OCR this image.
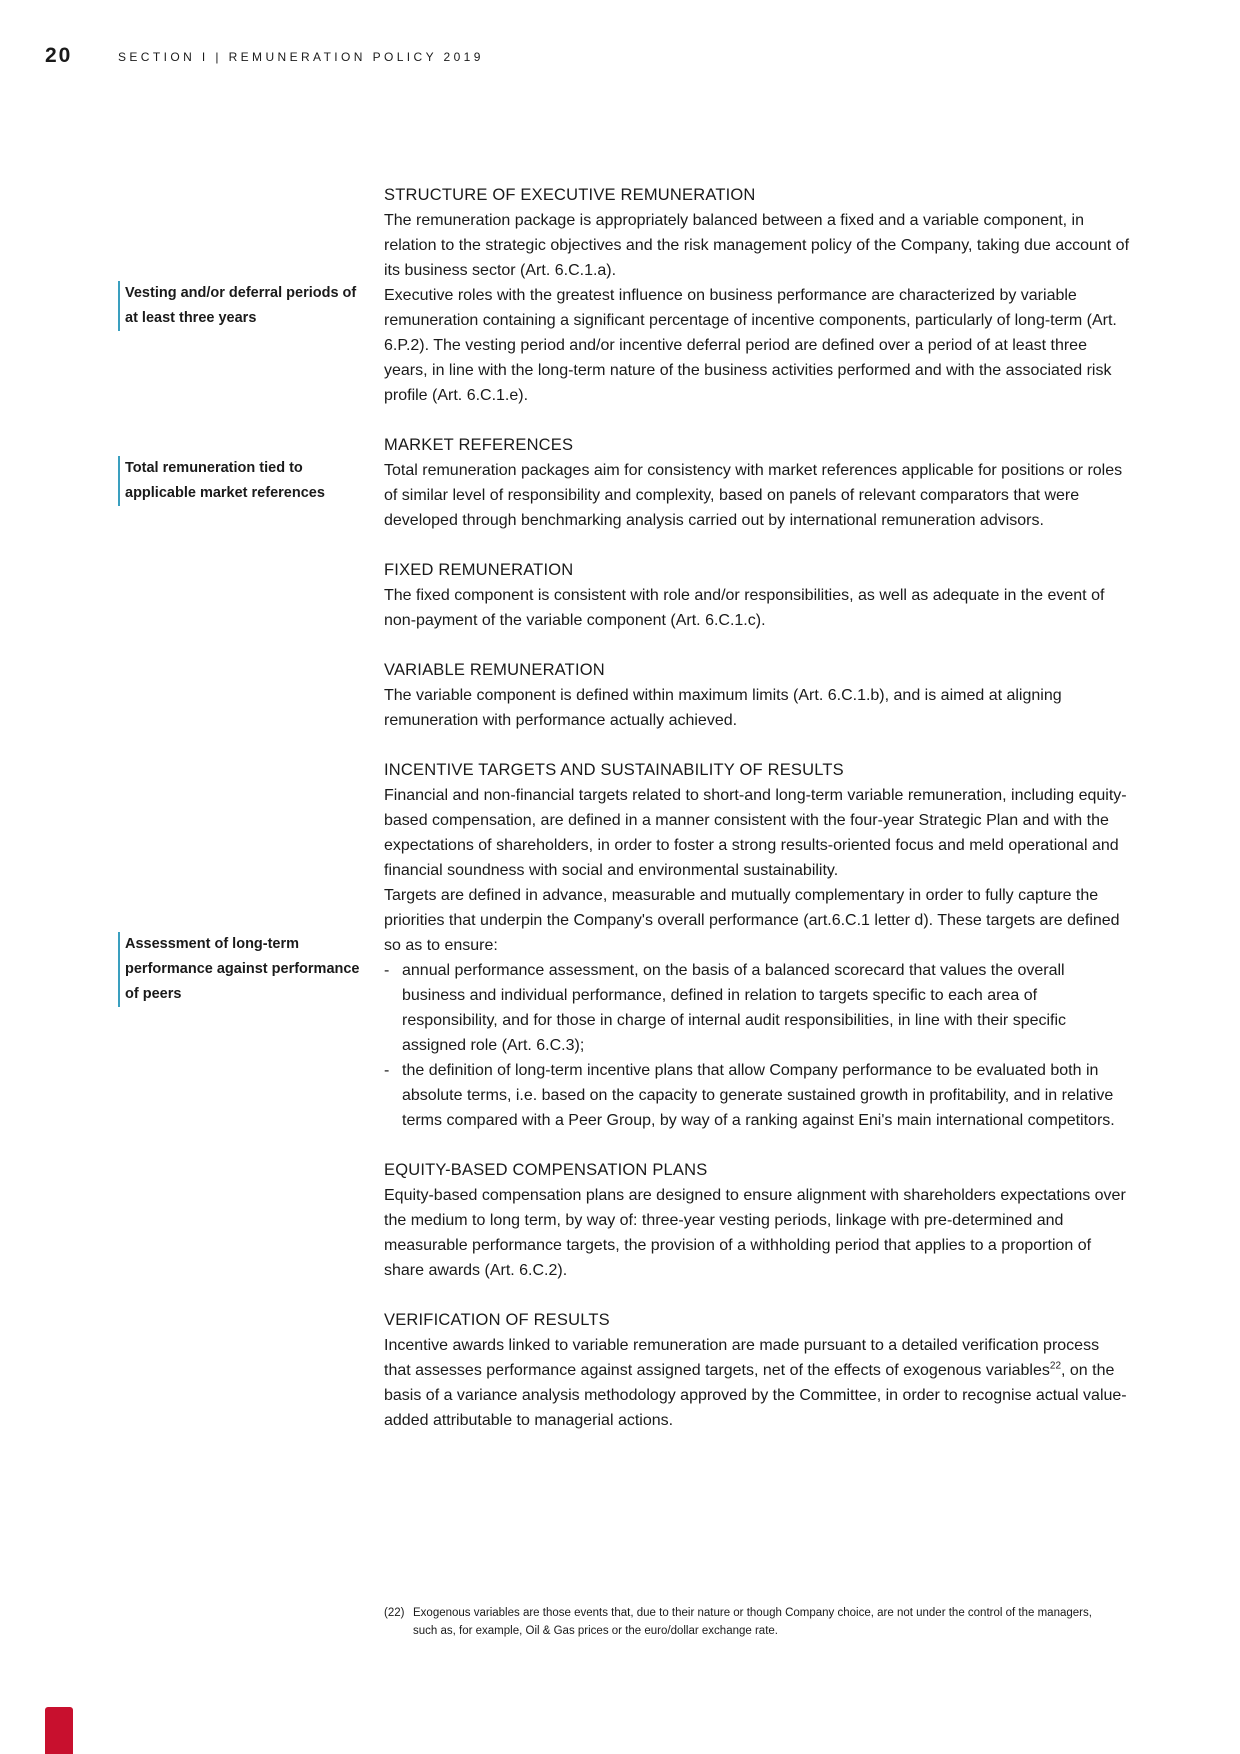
20	SECTION I | REMUNERATION POLICY 2019
Vesting and/or deferral periods of at least three years
Total remuneration tied to applicable market references
Assessment of long-term performance against performance of peers
STRUCTURE OF EXECUTIVE REMUNERATION

The remuneration package is appropriately balanced between a fixed and a variable component, in relation to the strategic objectives and the risk management policy of the Company, taking due account of its business sector (Art. 6.C.1.a).

Executive roles with the greatest influence on business performance are characterized by variable remuneration containing a significant percentage of incentive components, particularly of long-term (Art. 6.P.2). The vesting period and/or incentive deferral period are defined over a period of at least three years, in line with the long-term nature of the business activities performed and with the associated risk profile (Art. 6.C.1.e).

MARKET REFERENCES

Total remuneration packages aim for consistency with market references applicable for positions or roles of similar level of responsibility and complexity, based on panels of relevant comparators that were developed through benchmarking analysis carried out by international remuneration advisors.

FIXED REMUNERATION

The fixed component is consistent with role and/or responsibilities, as well as adequate in the event of non-payment of the variable component (Art. 6.C.1.c).

VARIABLE REMUNERATION

The variable component is defined within maximum limits (Art. 6.C.1.b), and is aimed at aligning remuneration with performance actually achieved.

INCENTIVE TARGETS AND SUSTAINABILITY OF RESULTS

Financial and non-financial targets related to short-and long-term variable remuneration, including equity-based compensation, are defined in a manner consistent with the four-year Strategic Plan and with the expectations of shareholders, in order to foster a strong results-oriented focus and meld operational and financial soundness with social and environmental sustainability.

Targets are defined in advance, measurable and mutually complementary in order to fully capture the priorities that underpin the Company's overall performance (art.6.C.1 letter d). These targets are defined so as to ensure:

- annual performance assessment, on the basis of a balanced scorecard that values the overall business and individual performance, defined in relation to targets specific to each area of responsibility, and for those in charge of internal audit responsibilities, in line with their specific assigned role (Art. 6.C.3);
- the definition of long-term incentive plans that allow Company performance to be evaluated both in absolute terms, i.e. based on the capacity to generate sustained growth in profitability, and in relative terms compared with a Peer Group, by way of a ranking against Eni's main international competitors.
EQUITY-BASED COMPENSATION PLANS

Equity-based compensation plans are designed to ensure alignment with shareholders expectations over the medium to long term, by way of: three-year vesting periods, linkage with pre-determined and measurable performance targets, the provision of a withholding period that applies to a proportion of share awards (Art. 6.C.2).

VERIFICATION OF RESULTS

Incentive awards linked to variable remuneration are made pursuant to a detailed verification process that assesses performance against assigned targets, net of the effects of exogenous variables$^{22}$, on the basis of a variance analysis methodology approved by the Committee, in order to recognise actual value-added attributable to managerial actions.

(22) Exogenous variables are those events that, due to their nature or though Company choice, are not under the control of the managers,
such as, for example, Oil & Gas prices or the euro/dollar exchange rate.
